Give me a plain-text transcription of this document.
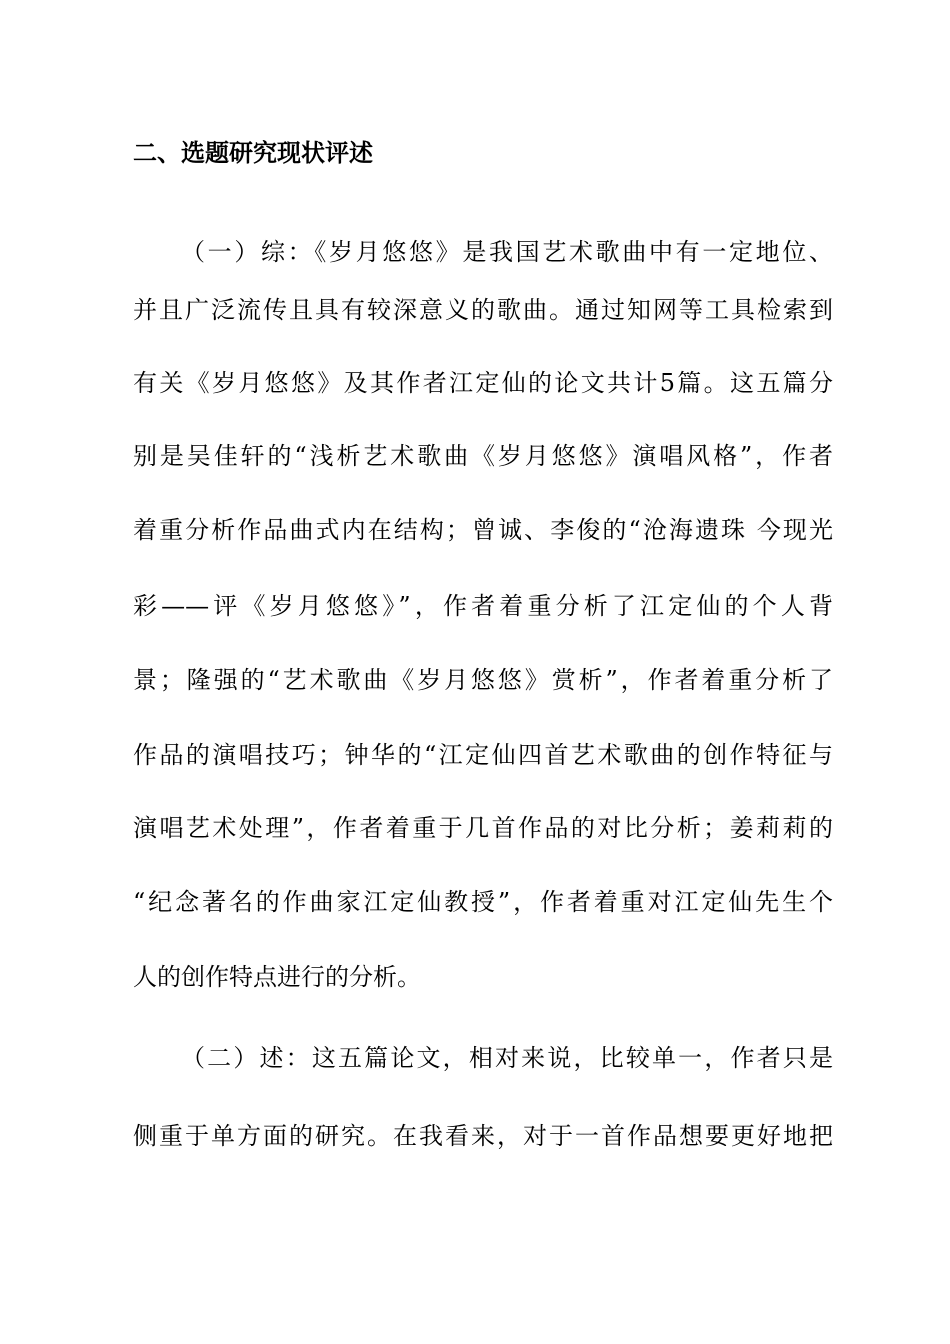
二、选题研究现状评述
（一）综：《岁月悠悠》是我国艺术歌曲中有一定地位、
并且广泛流传且具有较深意义的歌曲。通过知网等工具检索到
有关《岁月悠悠》及其作者江定仙的论文共计5篇。这五篇分
别是吴佳轩的“浅析艺术歌曲《岁月悠悠》演唱风格”，作者
着重分析作品曲式内在结构；曾诚、李俊的“沧海遗珠 今现光
彩——评《岁月悠悠》”，作者着重分析了江定仙的个人背
景；隆强的“艺术歌曲《岁月悠悠》赏析”，作者着重分析了
作品的演唱技巧；钟华的“江定仙四首艺术歌曲的创作特征与
演唱艺术处理”，作者着重于几首作品的对比分析；姜莉莉的
“纪念著名的作曲家江定仙教授”，作者着重对江定仙先生个
人的创作特点进行的分析。
（二）述：这五篇论文，相对来说，比较单一，作者只是
侧重于单方面的研究。在我看来，对于一首作品想要更好地把
